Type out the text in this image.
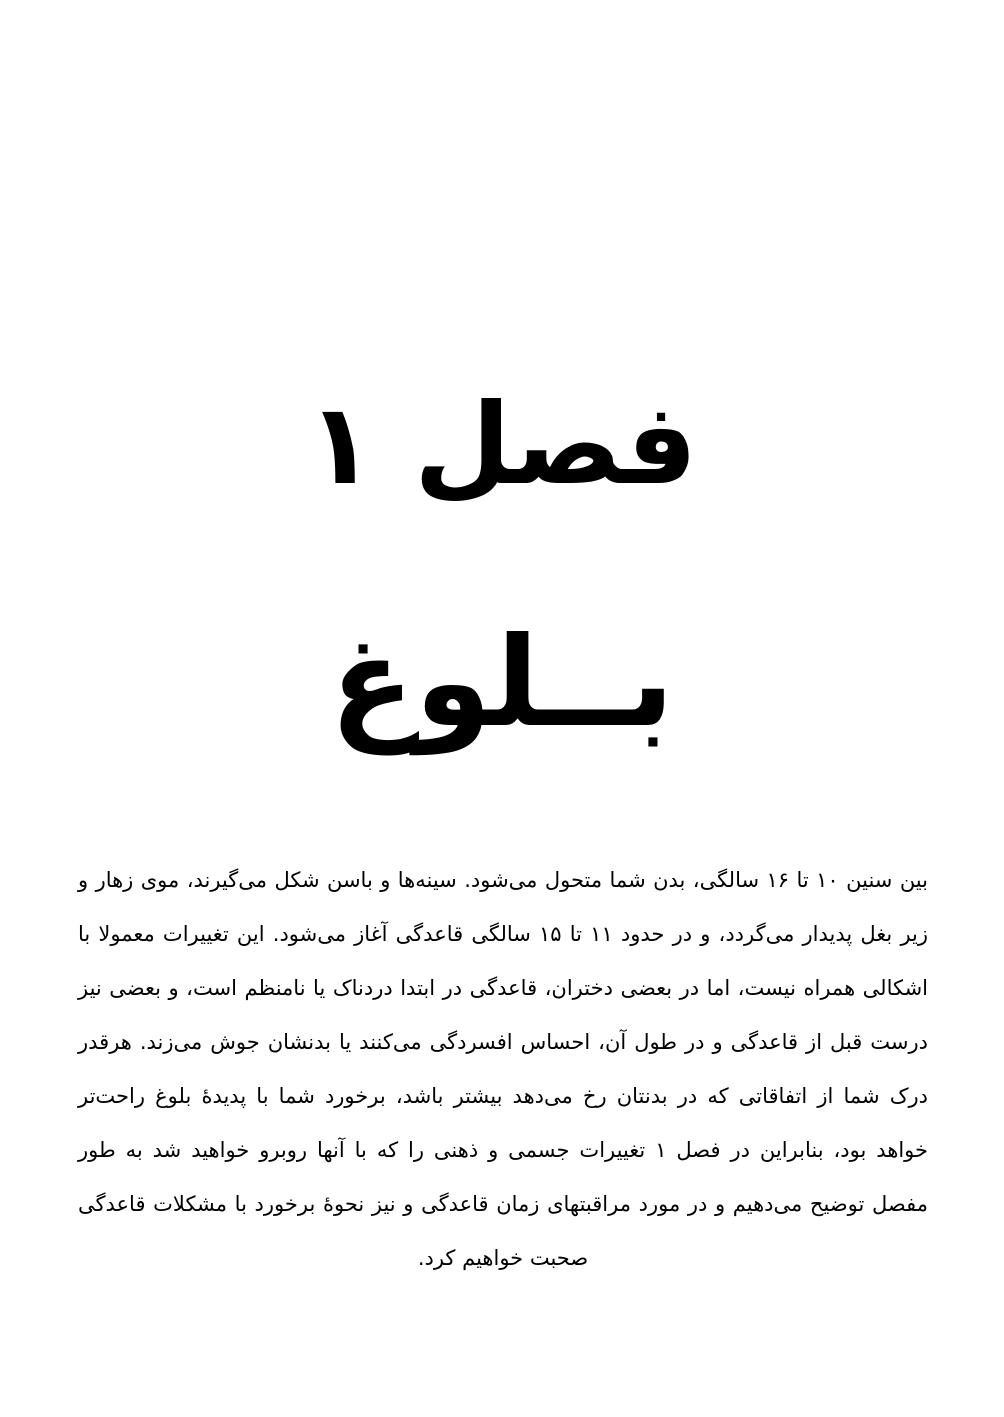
فصل ۱
بــلوغ

بین سنین ۱۰ تا ۱۶ سالگی، بدن شما متحول می‌شود. سینه‌ها و باسن شکل می‌گیرند، موی زهار و زیر بغل پدیدار می‌گردد، و در حدود ۱۱ تا ۱۵ سالگی قاعدگی آغاز می‌شود. این تغییرات معمولا با اشکالی همراه نیست، اما در بعضی دختران، قاعدگی در ابتدا دردناک یا نامنظم است، و بعضی نیز درست قبل از قاعدگی و در طول آن، احساس افسردگی می‌کنند یا بدنشان جوش می‌زند. هرقدر درک شما از اتفاقاتی که در بدنتان رخ می‌دهد بیشتر باشد، برخورد شما با پدیدهٔ بلوغ راحت‌تر خواهد بود، بنابراین در فصل ۱ تغییرات جسمی و ذهنی را که با آنها روبرو خواهید شد به طور مفصل توضیح می‌دهیم و در مورد مراقبتهای زمان قاعدگی و نیز نحوهٔ برخورد با مشکلات قاعدگی صحبت خواهیم کرد.
